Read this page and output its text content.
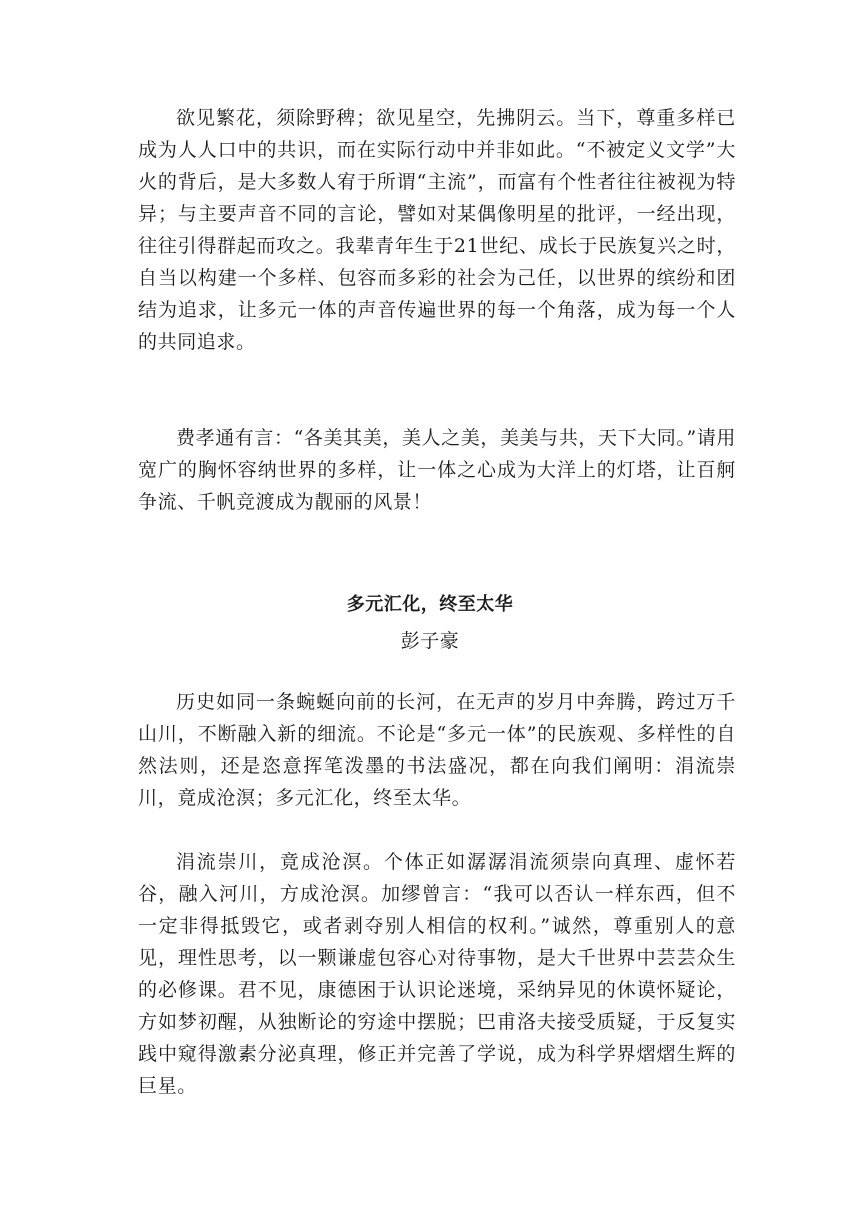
欲见繁花，须除野稗；欲见星空，先拂阴云。当下，尊重多样已成为人人口中的共识，而在实际行动中并非如此。“不被定义文学”大火的背后，是大多数人宥于所谓“主流”，而富有个性者往往被视为特异；与主要声音不同的言论，譬如对某偶像明星的批评，一经出现，往往引得群起而攻之。我辈青年生于21世纪、成长于民族复兴之时，自当以构建一个多样、包容而多彩的社会为己任，以世界的缤纷和团结为追求，让多元一体的声音传遍世界的每一个角落，成为每一个人的共同追求。

费孝通有言：“各美其美，美人之美，美美与共，天下大同。”请用宽广的胸怀容纳世界的多样，让一体之心成为大洋上的灯塔，让百舸争流、千帆竞渡成为靓丽的风景！

多元汇化，终至太华
彭子豪

历史如同一条蜿蜒向前的长河，在无声的岁月中奔腾，跨过万千山川，不断融入新的细流。不论是“多元一体”的民族观、多样性的自然法则，还是恣意挥笔泼墨的书法盛况，都在向我们阐明：涓流崇川，竟成沧溟；多元汇化，终至太华。

涓流崇川，竟成沧溟。个体正如潺潺涓流须崇向真理、虚怀若谷，融入河川，方成沧溟。加缪曾言：“我可以否认一样东西，但不一定非得抵毁它，或者剥夺别人相信的权利。”诚然，尊重别人的意见，理性思考，以一颗谦虚包容心对待事物，是大千世界中芸芸众生的必修课。君不见，康德困于认识论迷境，采纳异见的休谟怀疑论，方如梦初醒，从独断论的穷途中摆脱；巴甫洛夫接受质疑，于反复实践中窥得激素分泌真理，修正并完善了学说，成为科学界熠熠生辉的巨星。
